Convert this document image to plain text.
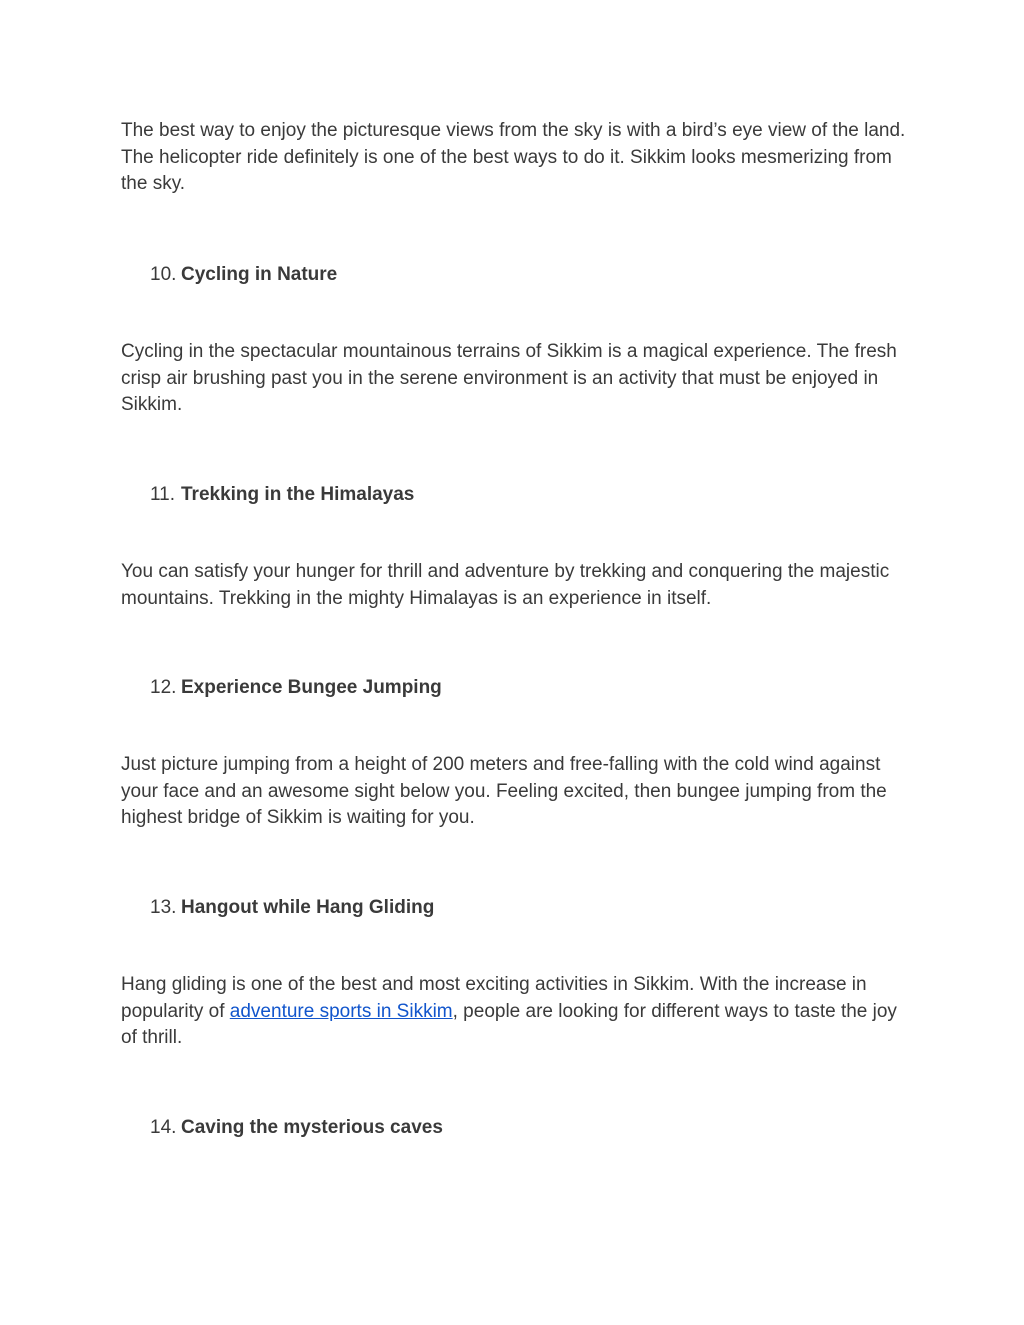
The best way to enjoy the picturesque views from the sky is with a bird’s eye view of the land. The helicopter ride definitely is one of the best ways to do it. Sikkim looks mesmerizing from the sky.

10. Cycling in Nature

Cycling in the spectacular mountainous terrains of Sikkim is a magical experience. The fresh crisp air brushing past you in the serene environment is an activity that must be enjoyed in Sikkim.

11. Trekking in the Himalayas

You can satisfy your hunger for thrill and adventure by trekking and conquering the majestic mountains. Trekking in the mighty Himalayas is an experience in itself.

12. Experience Bungee Jumping

Just picture jumping from a height of 200 meters and free-falling with the cold wind against your face and an awesome sight below you. Feeling excited, then bungee jumping from the highest bridge of Sikkim is waiting for you.

13. Hangout while Hang Gliding

Hang gliding is one of the best and most exciting activities in Sikkim. With the increase in popularity of adventure sports in Sikkim, people are looking for different ways to taste the joy of thrill.

14. Caving the mysterious caves
